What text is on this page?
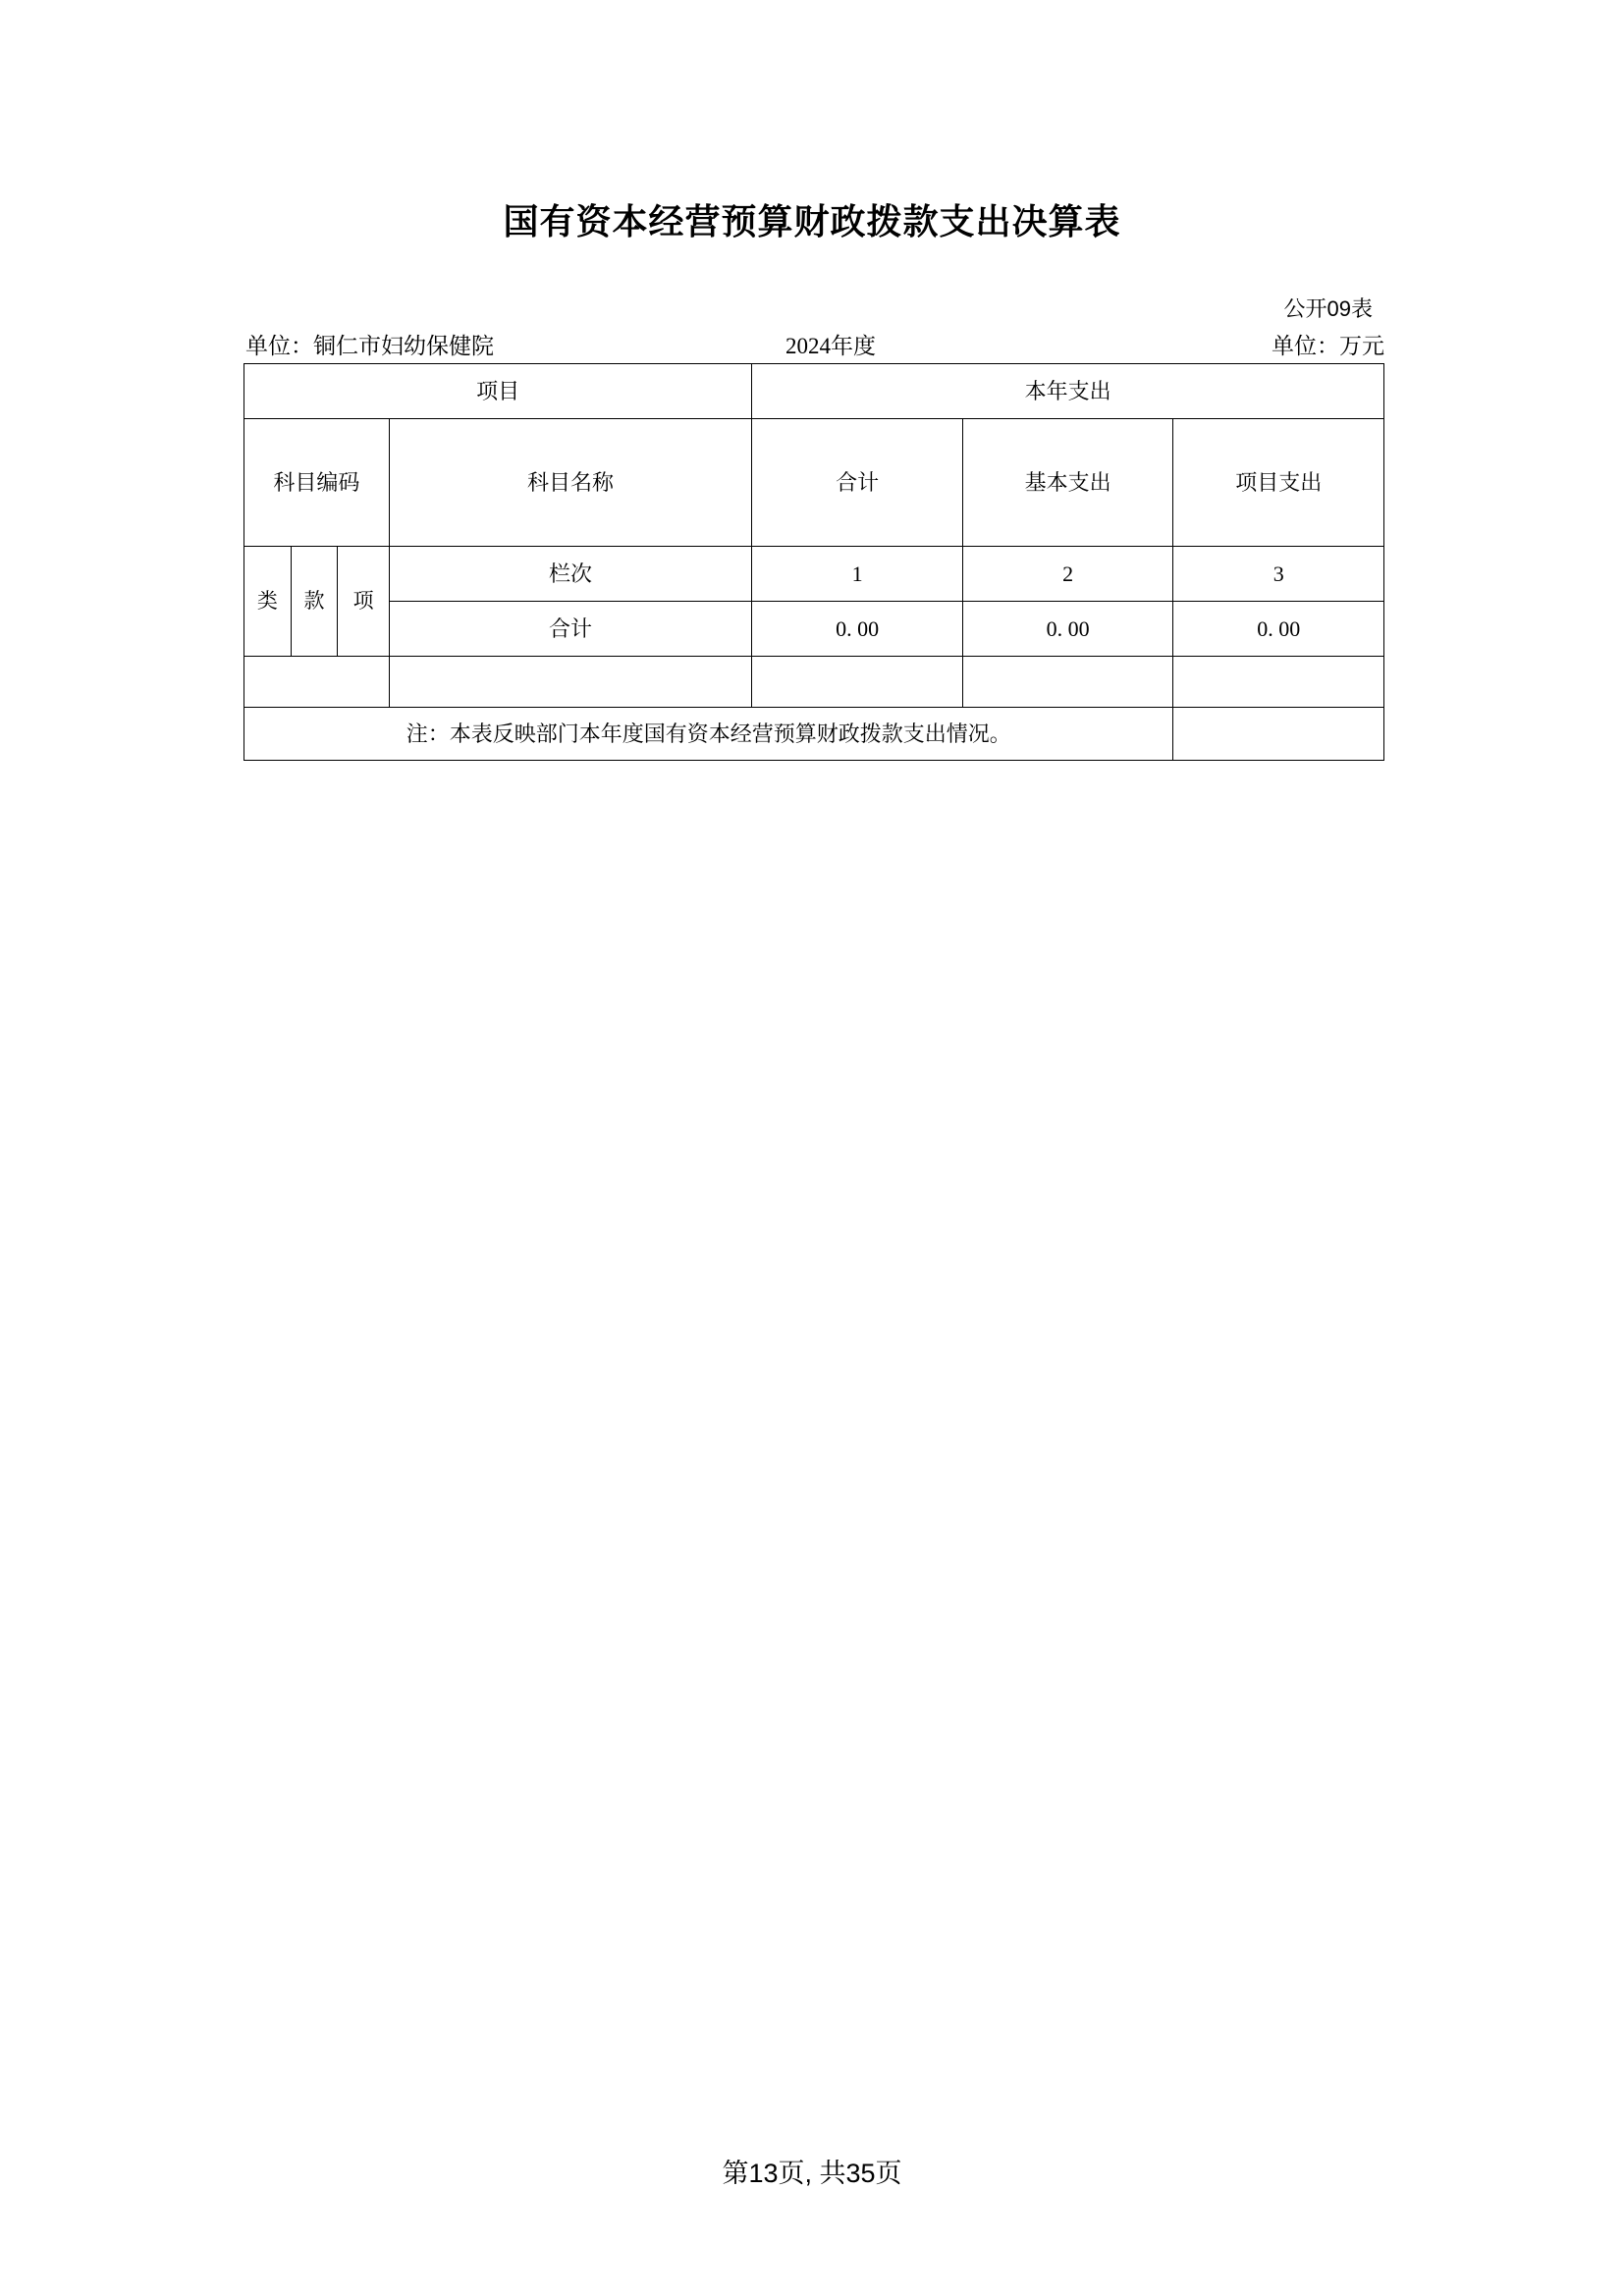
国有资本经营预算财政拨款支出决算表
公开09表
单位：铜仁市妇幼保健院	2024年度	单位：万元
项目				本年支出		
科目编码			科目名称	合计	基本支出	项目支出
类	款	项	栏次	1	2	3
			合计	0. 00	0. 00	0. 00

注：本表反映部门本年度国有资本经营预算财政拨款支出情况。						
第13页, 共35页
